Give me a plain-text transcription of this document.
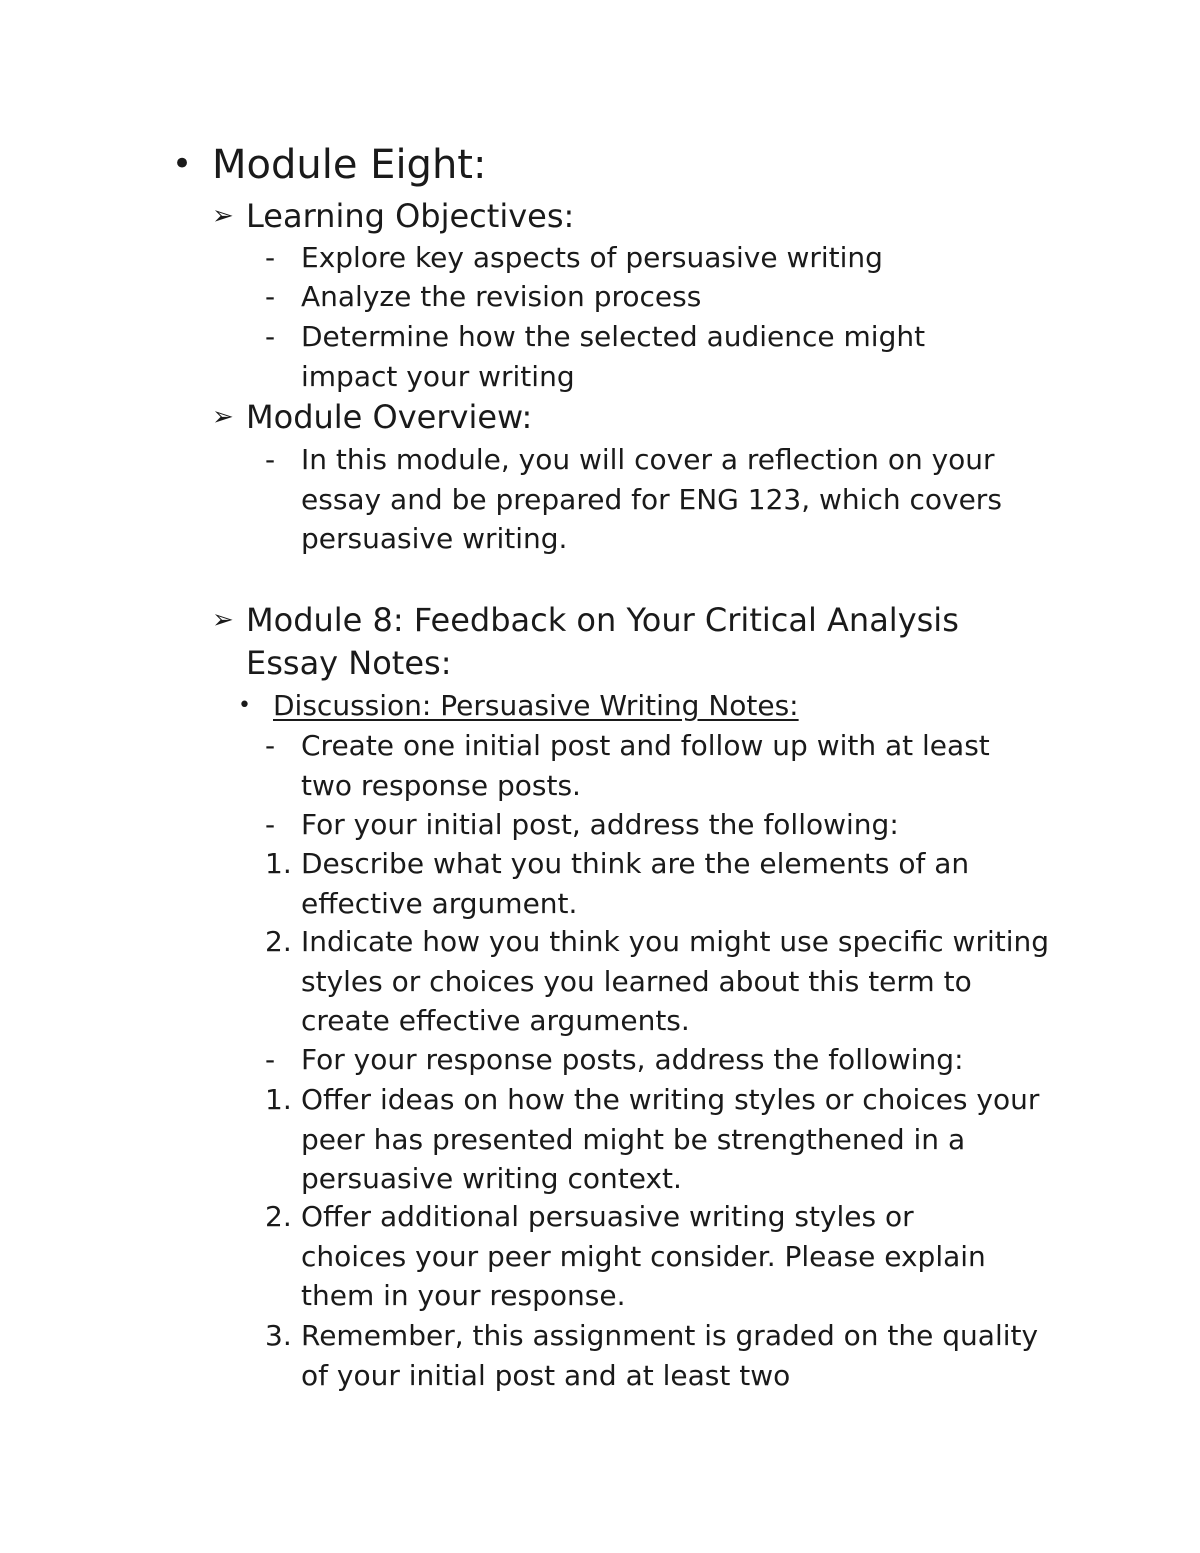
• Module Eight:
➢ Learning Objectives:
- Explore key aspects of persuasive writing
- Analyze the revision process
- Determine how the selected audience might impact your writing
➢ Module Overview:
- In this module, you will cover a reflection on your essay and be prepared for ENG 123, which covers persuasive writing.
➢ Module 8: Feedback on Your Critical Analysis
Essay Notes:
• Discussion: Persuasive Writing Notes:
- Create one initial post and follow up with at least two response posts.
- For your initial post, address the following:
1. Describe what you think are the elements of an effective argument.
2. Indicate how you think you might use specific writing styles or choices you learned about this term to create effective arguments.
- For your response posts, address the following:
1. Offer ideas on how the writing styles or choices your peer has presented might be strengthened in a persuasive writing context.
2. Offer additional persuasive writing styles or choices your peer might consider. Please explain them in your response.
3. Remember, this assignment is graded on the quality of your initial post and at least two
